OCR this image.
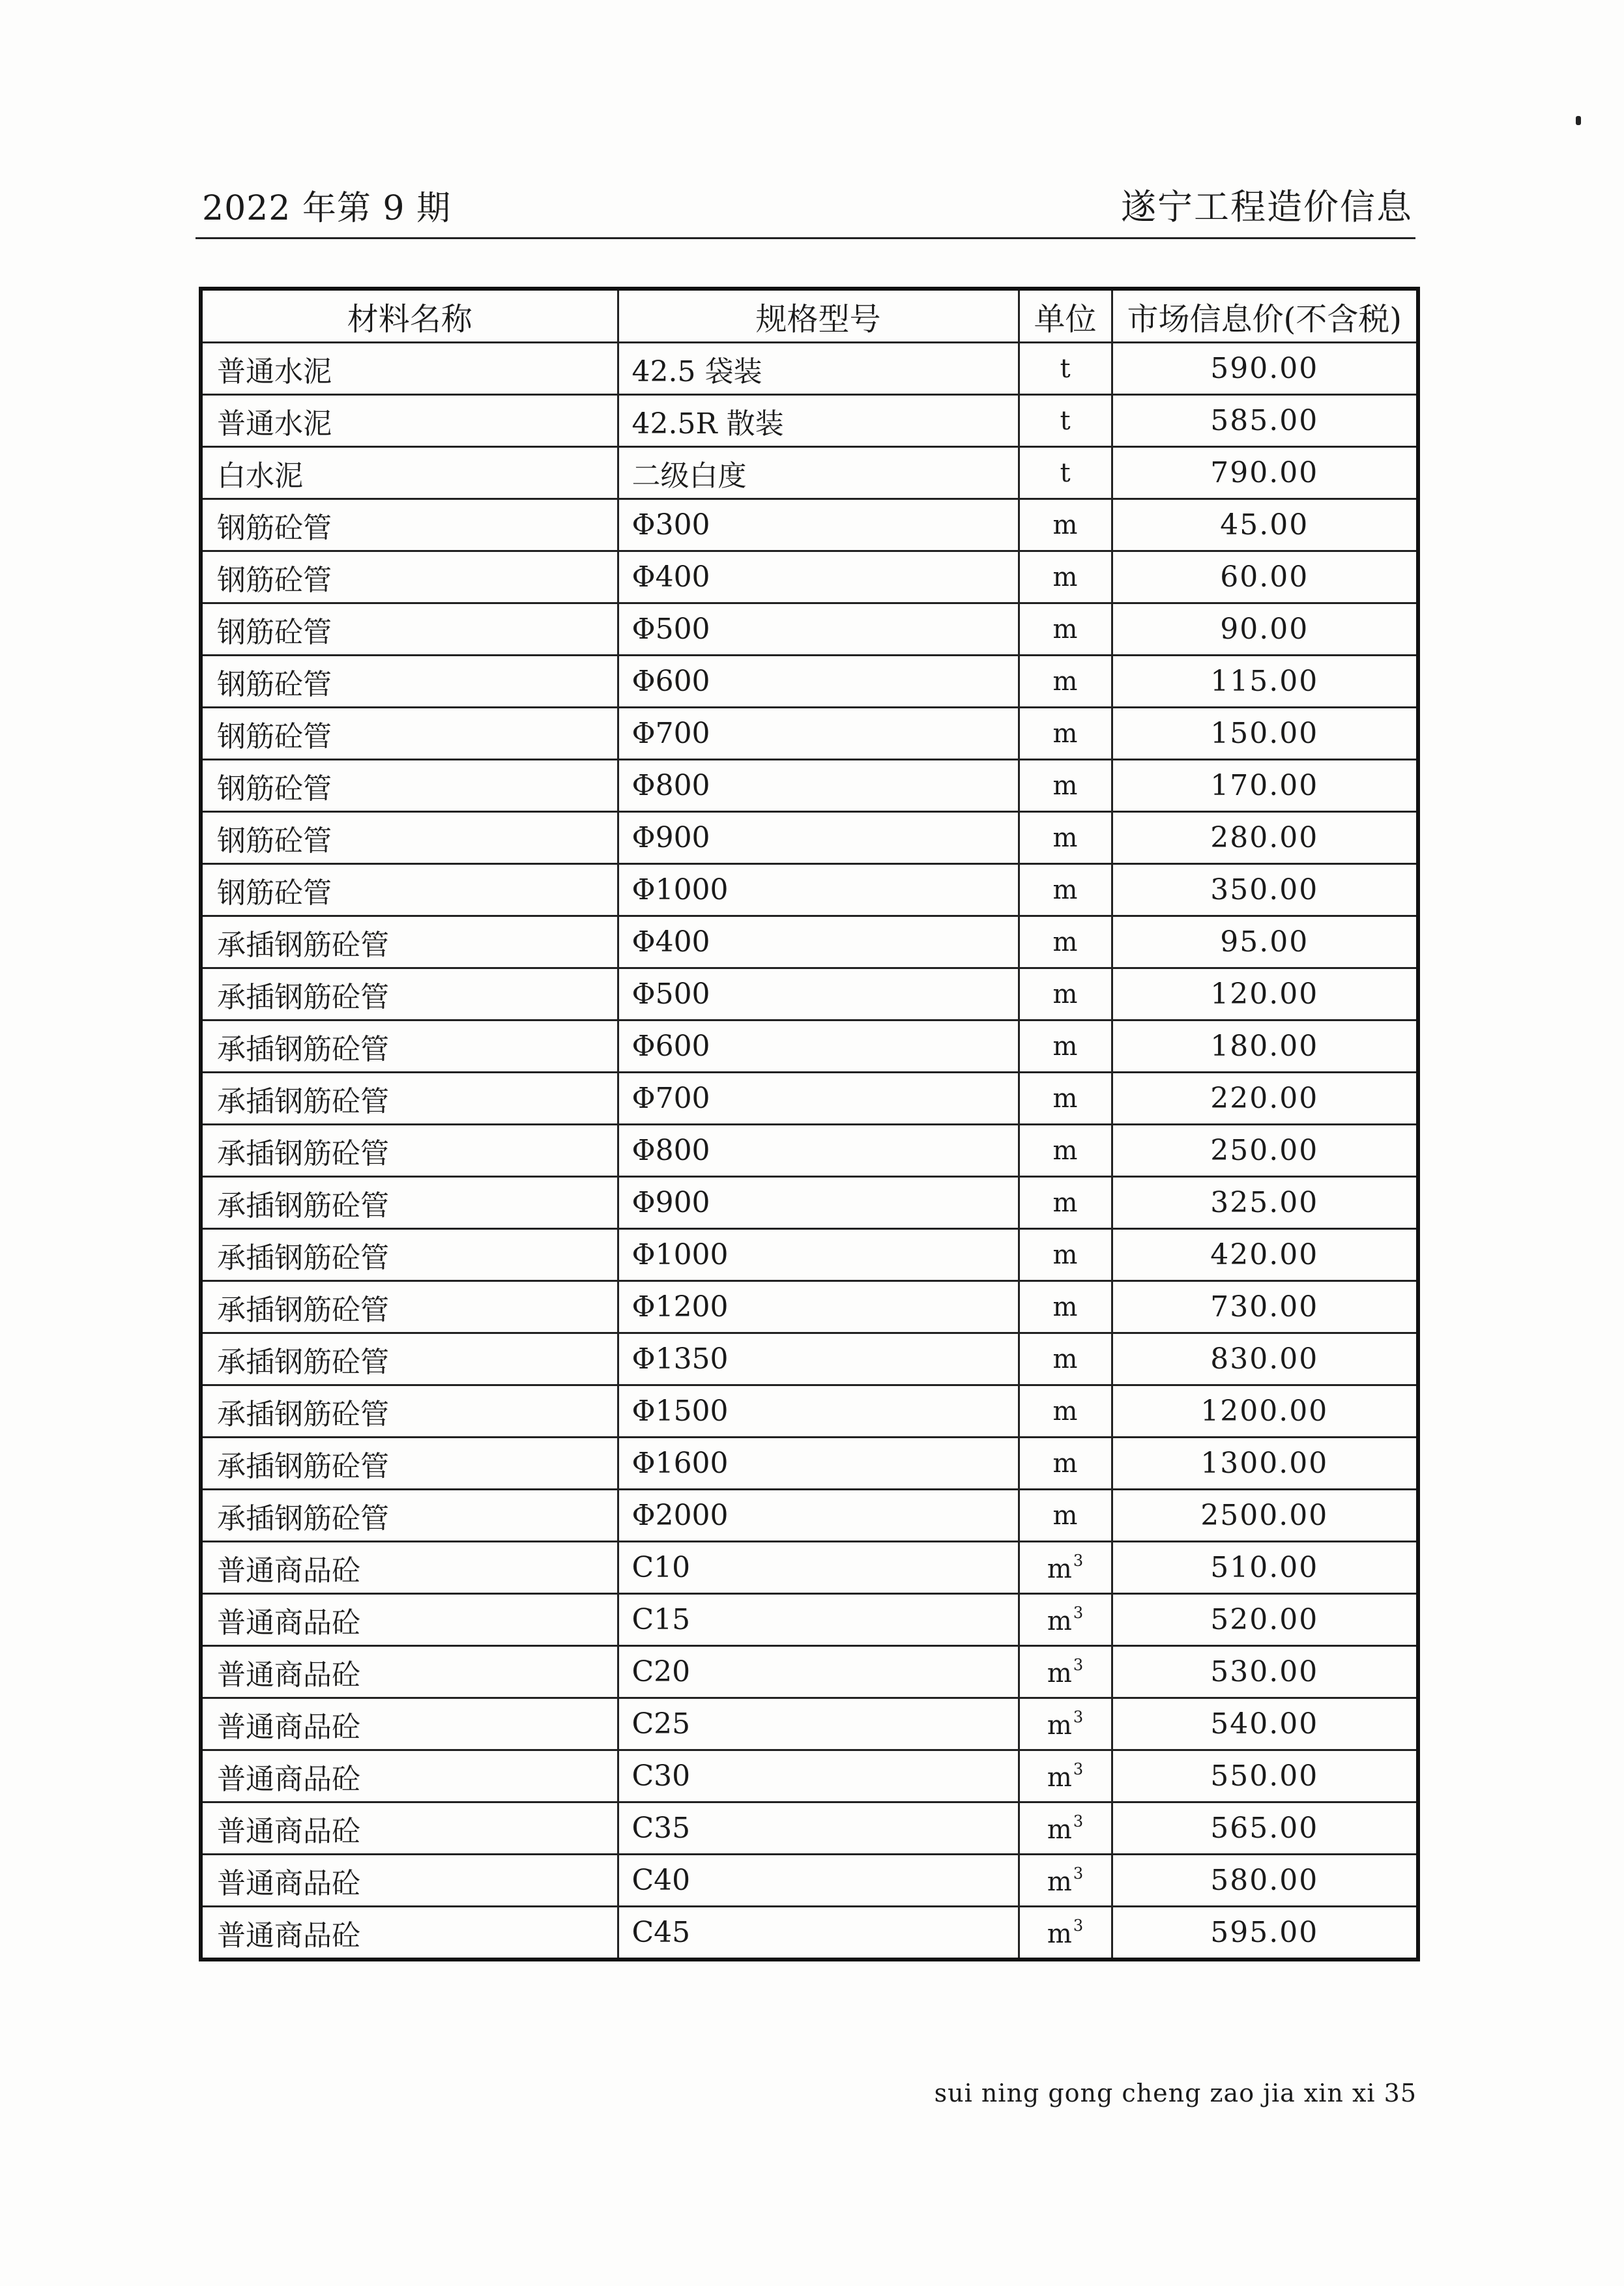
2022 年第 9 期	遂宁工程造价信息
材料名称	规格型号	单位	市场信息价(不含税)
普通水泥	42.5 袋装	t	590.00
普通水泥	42.5R 散装	t	585.00
白水泥	二级白度	t	790.00
钢筋砼管	Φ300	m	45.00
钢筋砼管	Φ400	m	60.00
钢筋砼管	Φ500	m	90.00
钢筋砼管	Φ600	m	115.00
钢筋砼管	Φ700	m	150.00
钢筋砼管	Φ800	m	170.00
钢筋砼管	Φ900	m	280.00
钢筋砼管	Φ1000	m	350.00
承插钢筋砼管	Φ400	m	95.00
承插钢筋砼管	Φ500	m	120.00
承插钢筋砼管	Φ600	m	180.00
承插钢筋砼管	Φ700	m	220.00
承插钢筋砼管	Φ800	m	250.00
承插钢筋砼管	Φ900	m	325.00
承插钢筋砼管	Φ1000	m	420.00
承插钢筋砼管	Φ1200	m	730.00
承插钢筋砼管	Φ1350	m	830.00
承插钢筋砼管	Φ1500	m	1200.00
承插钢筋砼管	Φ1600	m	1300.00
承插钢筋砼管	Φ2000	m	2500.00
普通商品砼	C10	$m^3$	510.00
普通商品砼	C15	$m^3$	520.00
普通商品砼	C20	$m^3$	530.00
普通商品砼	C25	$m^3$	540.00
普通商品砼	C30	$m^3$	550.00
普通商品砼	C35	$m^3$	565.00
普通商品砼	C40	$m^3$	580.00
普通商品砼	C45	$m^3$	595.00
sui ning gong cheng zao jia xin xi 35
